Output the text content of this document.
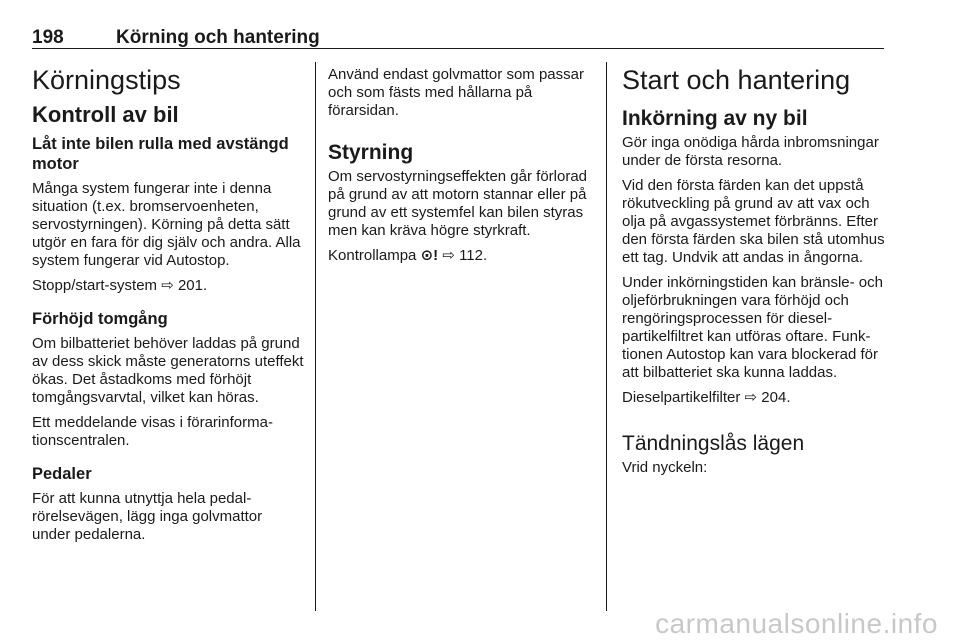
198	Körning och hantering
Körningstips
Kontroll av bil
Låt inte bilen rulla med avstängd motor

Många system fungerar inte i denna situation (t.ex. bromservoenheten, servostyrningen). Körning på detta sätt utgör en fara för dig själv och andra. Alla system fungerar vid Autostop.

Stopp/start-system ⇨ 201.

Förhöjd tomgång

Om bilbatteriet behöver laddas på grund av dess skick måste generatorns uteffekt ökas. Det åstadkoms med förhöjt tomgångsvarvtal, vilket kan höras.

Ett meddelande visas i förarinformationscentralen.

Pedaler

För att kunna utnyttja hela pedalrörelsevägen, lägg inga golvmattor under pedalerna.

Använd endast golvmattor som passar och som fästs med hållarna på förarsidan.

Styrning

Om servostyrningseffekten går förlorad på grund av att motorn stannar eller på grund av ett systemfel kan bilen styras men kan kräva högre styrkraft.

Kontrollampa ⊙! ⇨ 112.

Start och hantering
Inkörning av ny bil

Gör inga onödiga hårda inbromsningar under de första resorna.

Vid den första färden kan det uppstå rökutveckling på grund av att vax och olja på avgassystemet förbränns. Efter den första färden ska bilen stå utomhus ett tag. Undvik att andas in ångorna.

Under inkörningstiden kan bränsle- och oljeförbrukningen vara förhöjd och rengöringsprocessen för dieselpartikelfiltret kan utföras oftare. Funktionen Autostop kan vara blockerad för att bilbatteriet ska kunna laddas.

Dieselpartikelfilter ⇨ 204.

Tändningslås lägen

Vrid nyckeln:

carmanualsonline.info
